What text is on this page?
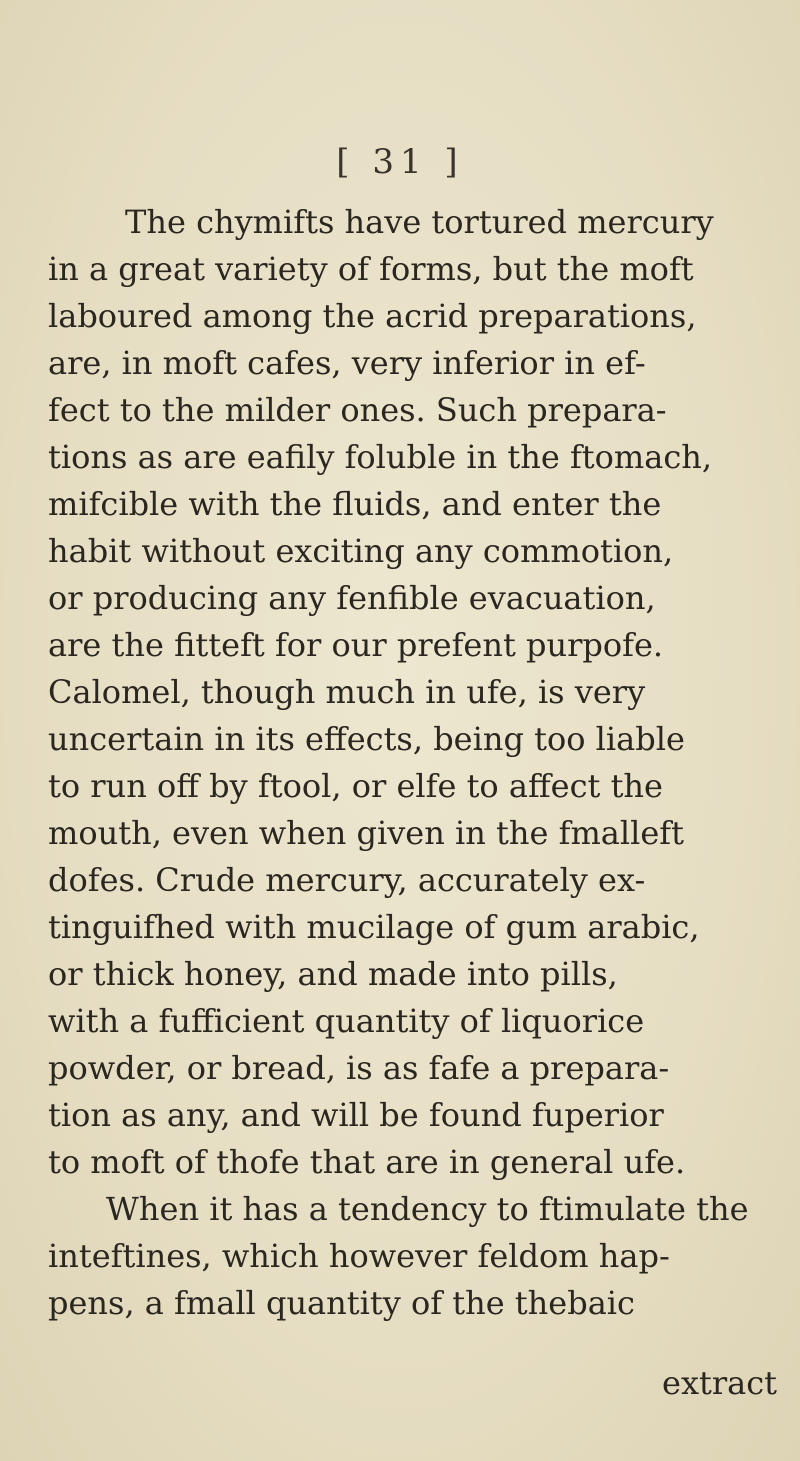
[ 31 ]
The chymifts have tortured mercury
in a great variety of forms, but the moft
laboured among the acrid preparations,
are, in moft cafes, very inferior in ef-
fect to the milder ones. Such prepara-
tions as are eafily foluble in the ftomach,
mifcible with the fluids, and enter the
habit without exciting any commotion,
or producing any fenfible evacuation,
are the fitteft for our prefent purpofe.
Calomel, though much in ufe, is very
uncertain in its effects, being too liable
to run off by ftool, or elfe to affect the
mouth, even when given in the fmalleft
dofes. Crude mercury, accurately ex-
tinguifhed with mucilage of gum arabic,
or thick honey, and made into pills,
with a fufficient quantity of liquorice
powder, or bread, is as fafe a prepara-
tion as any, and will be found fuperior
to moft of thofe that are in general ufe.
When it has a tendency to ftimulate the
inteftines, which however feldom hap-
pens, a fmall quantity of the thebaic
extract
